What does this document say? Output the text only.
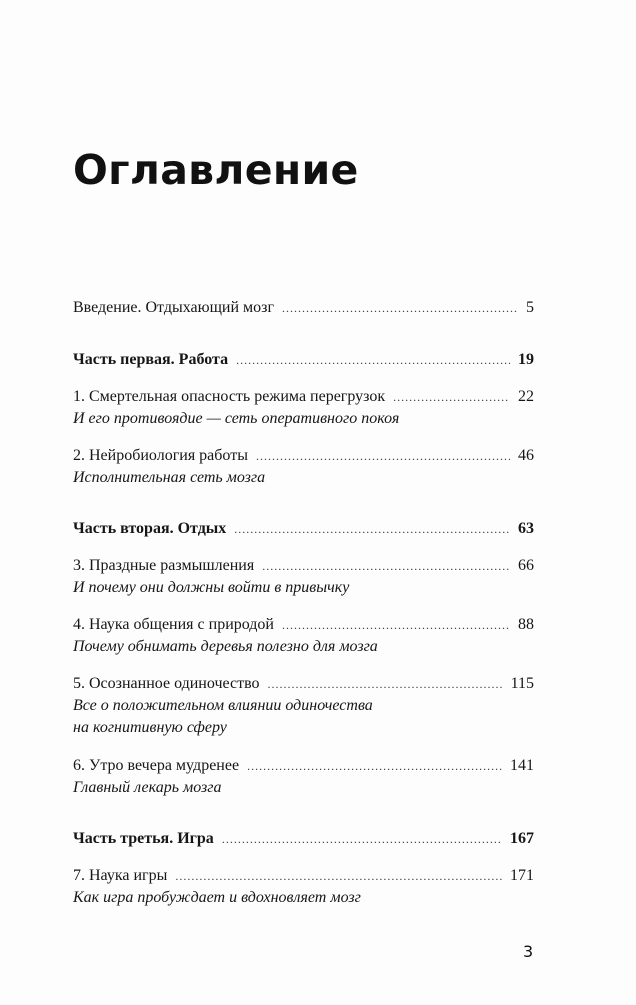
Оглавление
Введение. Отдыхающий мозг .....	5
Часть первая. Работа .....	19
1. Смертельная опасность режима перегрузок .....	22
И его противоядие — сеть оперативного покоя
2. Нейробиология работы .....	46
Исполнительная сеть мозга
Часть вторая. Отдых .....	63
3. Праздные размышления .....	66
И почему они должны войти в привычку
4. Наука общения с природой .....	88
Почему обнимать деревья полезно для мозга
5. Осознанное одиночество .....	115
Все о положительном влиянии одиночества
на когнитивную сферу
6. Утро вечера мудренее .....	141
Главный лекарь мозга
Часть третья. Игра .....	167
7. Наука игры .....	171
Как игра пробуждает и вдохновляет мозг
3
